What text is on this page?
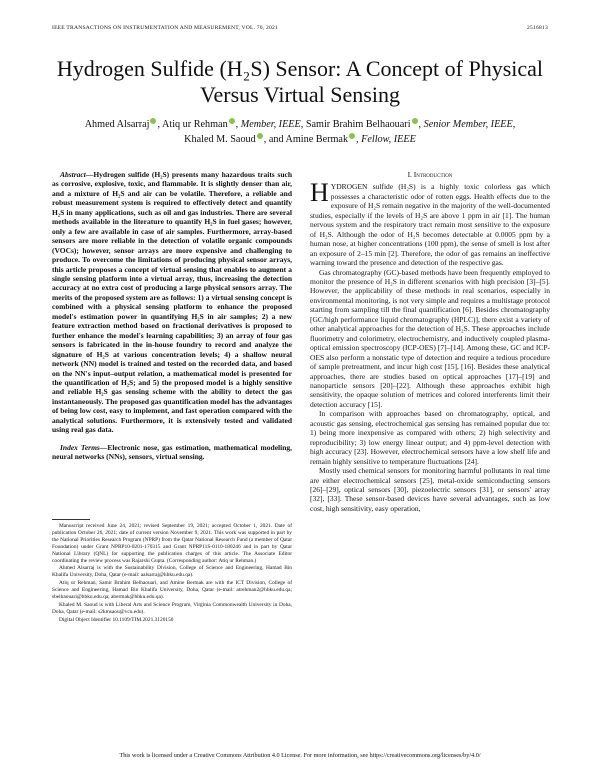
IEEE TRANSACTIONS ON INSTRUMENTATION AND MEASUREMENT, VOL. 70, 2021	2516813
Hydrogen Sulfide (H₂S) Sensor: A Concept of Physical Versus Virtual Sensing
Ahmed Alsarraj , Atiq ur Rehman , Member, IEEE, Samir Brahim Belhaouari , Senior Member, IEEE,
Khaled M. Saoud , and Amine Bermak , Fellow, IEEE
Abstract—Hydrogen sulfide (H₂S) presents many hazardous traits such as corrosive, explosive, toxic, and flammable. It is slightly denser than air, and a mixture of H₂S and air can be volatile. Therefore, a reliable and robust measurement system is required to effectively detect and quantify H₂S in many applications, such as oil and gas industries. There are several methods available in the literature to quantify H₂S in fuel gases; however, only a few are available in case of air samples. Furthermore, array-based sensors are more reliable in the detection of volatile organic compounds (VOCs); however, sensor arrays are more expensive and challenging to produce. To overcome the limitations of producing physical sensor arrays, this article proposes a concept of virtual sensing that enables to augment a single sensing platform into a virtual array, thus, increasing the detection accuracy at no extra cost of producing a large physical sensors array. The merits of the proposed system are as follows: 1) a virtual sensing concept is combined with a physical sensing platform to enhance the proposed model's estimation power in quantifying H₂S in air samples; 2) a new feature extraction method based on fractional derivatives is proposed to further enhance the model's learning capabilities; 3) an array of four gas sensors is fabricated in the in-house foundry to record and analyze the signature of H₂S at various concentration levels; 4) a shallow neural network (NN) model is trained and tested on the recorded data, and based on the NN's input–output relation, a mathematical model is presented for the quantification of H₂S; and 5) the proposed model is a highly sensitive and reliable H₂S gas sensing scheme with the ability to detect the gas instantaneously. The proposed gas quantification model has the advantages of being low cost, easy to implement, and fast operation compared with the analytical solutions. Furthermore, it is extensively tested and validated using real gas data.
Index Terms—Electronic nose, gas estimation, mathematical modeling, neural networks (NNs), sensors, virtual sensing.

Manuscript received June 24, 2021; revised September 19, 2021; accepted October 1, 2021. Date of publication October 26, 2021; date of current version November 9, 2021. This work was supported in part by the National Priorities Research Program (NPRP) from the Qatar National Research Fund (a member of Qatar Foundation) under Grant NPRP10-0201-170315 and Grant NPRP11S-0110-180246 and in part by Qatar National Library (QNL) for supporting the publication charges of this article. The Associate Editor coordinating the review process was Rajarshi Gupta. (Corresponding author: Atiq ur Rehman.)

Ahmed Alsarraj is with the Sustainability Division, College of Science and Engineering, Hamad Bin Khalifa University, Doha, Qatar (e-mail: aalsarraj@hbku.edu.qa).

Atiq ur Rehman, Samir Brahim Belhaouari, and Amine Bermak are with the ICT Division, College of Science and Engineering, Hamad Bin Khalifa University, Doha, Qatar (e-mail: atrehman2@hbku.edu.qa; sbelhaouari@hbku.edu.qa; abermak@hbku.edu.qa).

Khaled M. Saoud is with Liberal Arts and Science Program, Virginia Commonwealth University in Doha, Doha, Qatar (e-mail: s2kmsaou@vcu.edu).

Digital Object Identifier 10.1109/TIM.2021.3120150

I. Introduction

HYDROGEN sulfide (H₂S) is a highly toxic colorless gas which possesses a characteristic odor of rotten eggs. Health effects due to the exposure of H₂S remain negative in the majority of the well-documented studies, especially if the levels of H₂S are above 1 ppm in air [1]. The human nervous system and the respiratory tract remain most sensitive to the exposure of H₂S. Although the odor of H₂S becomes detectable at 0.0005 ppm by a human nose, at higher concentrations (100 ppm), the sense of smell is lost after an exposure of 2–15 min [2]. Therefore, the odor of gas remains an ineffective warning toward the presence and detection of the respective gas.

Gas chromatography (GC)-based methods have been frequently employed to monitor the presence of H₂S in different scenarios with high precision [3]–[5]. However, the applicability of these methods in real scenarios, especially in environmental monitoring, is not very simple and requires a multistage protocol starting from sampling till the final quantification [6]. Besides chromatography [GC/high performance liquid chromatography (HPLC)], there exist a variety of other analytical approaches for the detection of H₂S. These approaches include fluorimetry and colorimetry, electrochemistry, and inductively coupled plasma-optical emission spectroscopy (ICP-OES) [7]–[14]. Among these, GC and ICP-OES also perform a nonstatic type of detection and require a tedious procedure of sample pretreatment, and incur high cost [15], [16]. Besides these analytical approaches, there are studies based on optical approaches [17]–[19] and nanoparticle sensors [20]–[22]. Although these approaches exhibit high sensitivity, the opaque solution of metrices and colored interferents limit their detection accuracy [15].

In comparison with approaches based on chromatography, optical, and acoustic gas sensing, electrochemical gas sensing has remained popular due to: 1) being more inexpensive as compared with others; 2) high selectivity and reproducibility; 3) low energy linear output; and 4) ppm-level detection with high accuracy [23]. However, electrochemical sensors have a low shelf life and remain highly sensitive to temperature fluctuations [24].

Mostly used chemical sensors for monitoring harmful pollutants in real time are either electrochemical sensors [25], metal-oxide semiconducting sensors [26]–[29], optical sensors [30], piezoelectric sensors [31], or sensors' array [32], [33]. These sensor-based devices have several advantages, such as low cost, high sensitivity, easy operation,

This work is licensed under a Creative Commons Attribution 4.0 License. For more information, see https://creativecommons.org/licenses/by/4.0/
